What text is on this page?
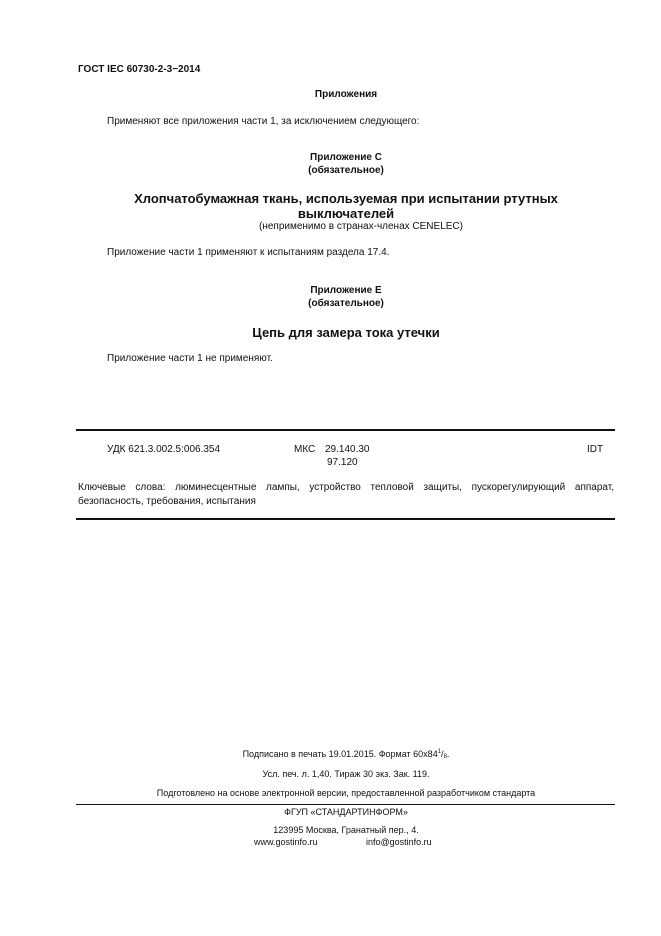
ГОСТ IEC 60730-2-3−2014
Приложения
Применяют все приложения части 1, за исключением следующего:
Приложение C
(обязательное)
Хлопчатобумажная ткань, используемая при испытании ртутных
выключателей
(неприменимо в странах-членах CENELEC)
Приложение части 1 применяют к испытаниям раздела 17.4.
Приложение E
(обязательное)
Цепь для замера тока утечки
Приложение части 1 не применяют.
УДК 621.3.002.5:006.354	МКС 29.140.30
97.120
IDT
Ключевые слова: люминесцентные лампы, устройство тепловой защиты, пускорегулирующий аппарат, безопасность, требования, испытания
Подписано в печать 19.01.2015. Формат $60x84^1/_8$.
Усл. печ. л. 1,40. Тираж 30 экз. Зак. 119.
Подготовлено на основе электронной версии, предоставленной разработчиком стандарта
ФГУП «СТАНДАРТИНФОРМ»
123995 Москва, Гранатный пер., 4.
www.gostinfo.ru	info@gostinfo.ru
